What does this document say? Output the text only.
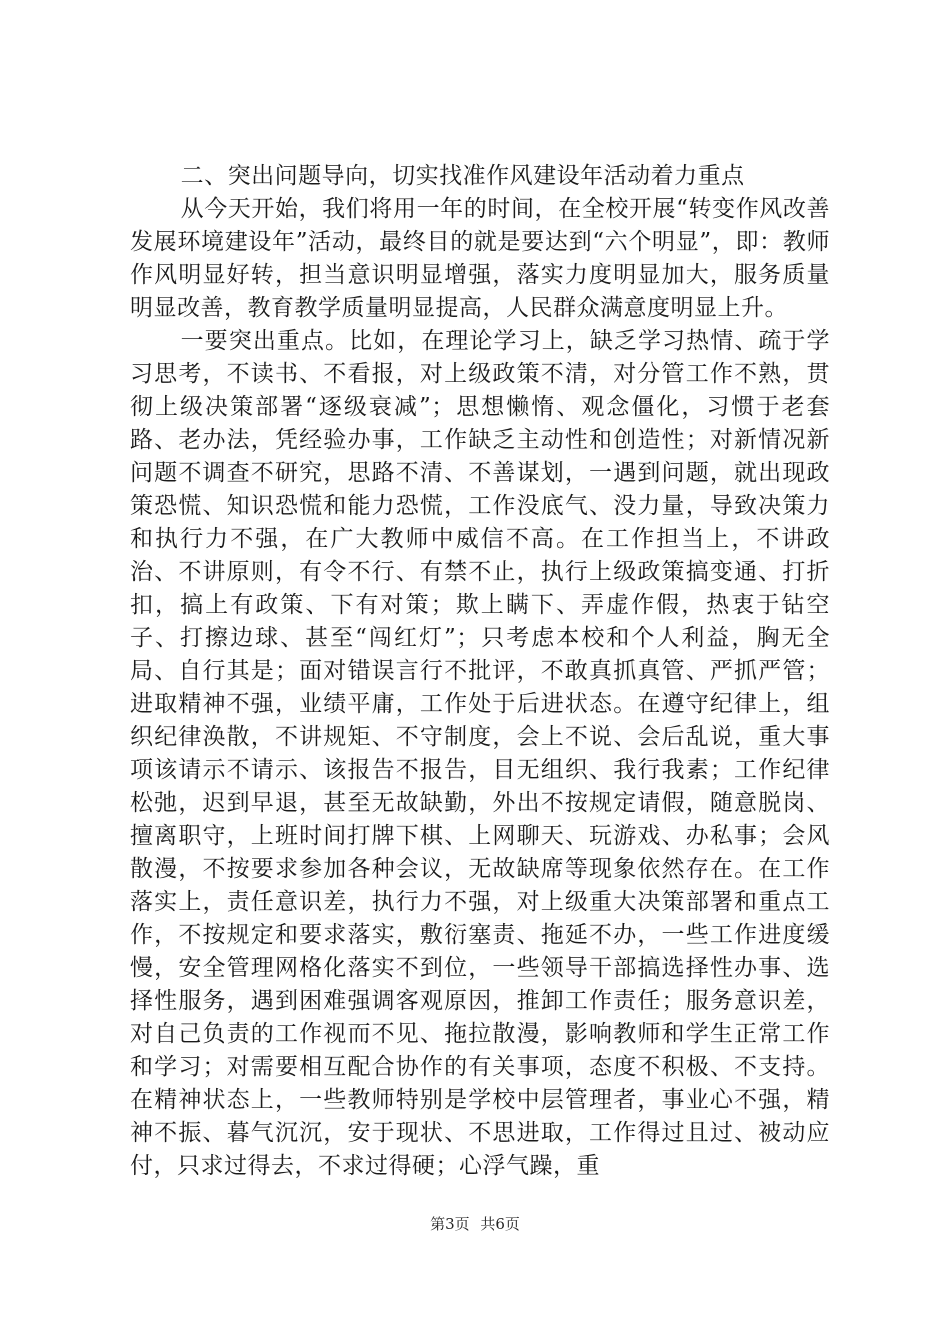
二、突出问题导向，切实找准作风建设年活动着力重点

从今天开始，我们将用一年的时间，在全校开展“转变作风改善发展环境建设年”活动，最终目的就是要达到“六个明显”，即：教师作风明显好转，担当意识明显增强，落实力度明显加大，服务质量明显改善，教育教学质量明显提高，人民群众满意度明显上升。

一要突出重点。比如，在理论学习上，缺乏学习热情、疏于学习思考，不读书、不看报，对上级政策不清，对分管工作不熟，贯彻上级决策部署“逐级衰减”；思想懒惰、观念僵化，习惯于老套路、老办法，凭经验办事，工作缺乏主动性和创造性；对新情况新问题不调查不研究，思路不清、不善谋划，一遇到问题，就出现政策恐慌、知识恐慌和能力恐慌，工作没底气、没力量，导致决策力和执行力不强，在广大教师中威信不高。在工作担当上，不讲政治、不讲原则，有令不行、有禁不止，执行上级政策搞变通、打折扣，搞上有政策、下有对策；欺上瞒下、弄虚作假，热衷于钻空子、打擦边球、甚至“闯红灯”；只考虑本校和个人利益，胸无全局、自行其是；面对错误言行不批评，不敢真抓真管、严抓严管；进取精神不强，业绩平庸，工作处于后进状态。在遵守纪律上，组织纪律涣散，不讲规矩、不守制度，会上不说、会后乱说，重大事项该请示不请示、该报告不报告，目无组织、我行我素；工作纪律松弛，迟到早退，甚至无故缺勤，外出不按规定请假，随意脱岗、擅离职守，上班时间打牌下棋、上网聊天、玩游戏、办私事；会风散漫，不按要求参加各种会议，无故缺席等现象依然存在。在工作落实上，责任意识差，执行力不强，对上级重大决策部署和重点工作，不按规定和要求落实，敷衍塞责、拖延不办，一些工作进度缓慢，安全管理网格化落实不到位，一些领导干部搞选择性办事、选择性服务，遇到困难强调客观原因，推卸工作责任；服务意识差，对自己负责的工作视而不见、拖拉散漫，影响教师和学生正常工作和学习；对需要相互配合协作的有关事项，态度不积极、不支持。在精神状态上，一些教师特别是学校中层管理者，事业心不强，精神不振、暮气沉沉，安于现状、不思进取，工作得过且过、被动应付，只求过得去，不求过得硬；心浮气躁，重

第3页 共6页
